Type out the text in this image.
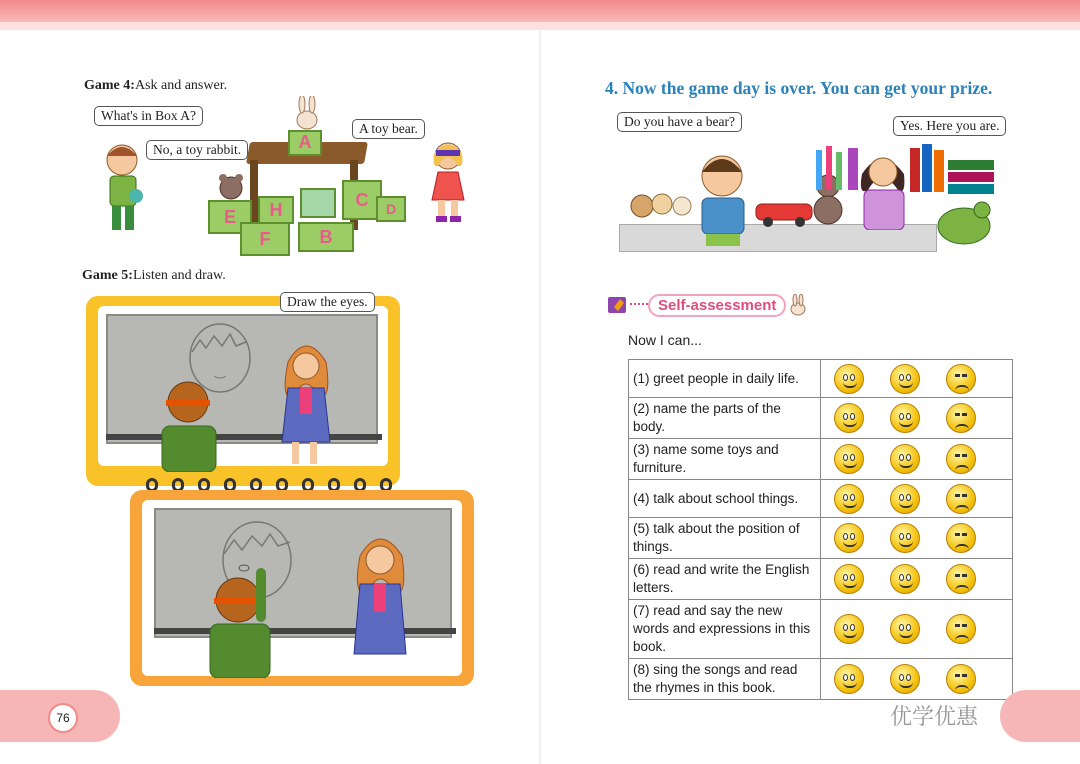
Game 4:Ask and answer.
What's in Box A?
No, a toy rabbit.
A toy bear.
A
E
F
H
B
C	D
Game 5:Listen and draw.
Draw the eyes.
4. Now the game day is over. You can get your prize.
Do you have a bear?	Yes. Here you are.
Self-assessment
Now I can...
(1) greet people in daily life.	

(2) name the parts of the body.	

(3) name some toys and furniture.	

(4) talk about school things.	

(5) talk about the position of things.	

(6) read and write the English letters.	

(7) read and say the new words and expressions in this book.	

(8) sing the songs and read the rhymes in this book.	
76	优学优惠
